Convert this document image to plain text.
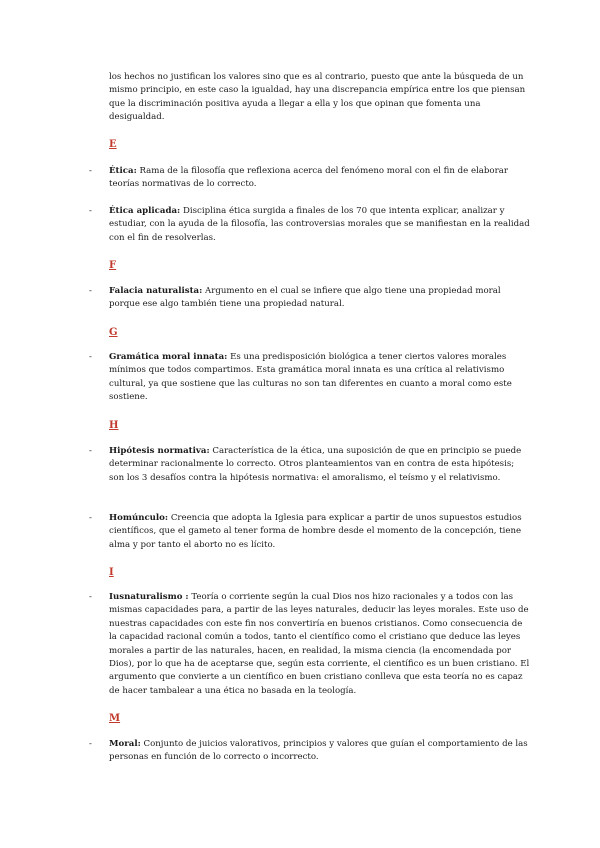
los hechos no justifican los valores sino que es al contrario, puesto que ante la búsqueda de un mismo principio, en este caso la igualdad, hay una discrepancia empírica entre los que piensan que la discriminación positiva ayuda a llegar a ella y los que opinan que fomenta una desigualdad.

E

-	Ética: Rama de la filosofía que reflexiona acerca del fenómeno moral con el fin de elaborar teorías normativas de lo correcto.

-	Ética aplicada: Disciplina ética surgida a finales de los 70 que intenta explicar, analizar y estudiar, con la ayuda de la filosofía, las controversias morales que se manifiestan en la realidad con el fin de resolverlas.

F

-	Falacia naturalista: Argumento en el cual se infiere que algo tiene una propiedad moral porque ese algo también tiene una propiedad natural.

G

-	Gramática moral innata: Es una predisposición biológica a tener ciertos valores morales mínimos que todos compartimos. Esta gramática moral innata es una crítica al relativismo cultural, ya que sostiene que las culturas no son tan diferentes en cuanto a moral como este sostiene.

H

-	Hipótesis normativa: Característica de la ética, una suposición de que en principio se puede determinar racionalmente lo correcto. Otros planteamientos van en contra de esta hipótesis; son los 3 desafíos contra la hipótesis normativa: el amoralismo, el teísmo y el relativismo.

-	Homúnculo: Creencia que adopta la Iglesia para explicar a partir de unos supuestos estudios científicos, que el gameto al tener forma de hombre desde el momento de la concepción, tiene alma y por tanto el aborto no es lícito.

I

-	Iusnaturalismo : Teoría o corriente según la cual Dios nos hizo racionales y a todos con las mismas capacidades para, a partir de las leyes naturales, deducir las leyes morales. Este uso de nuestras capacidades con este fin nos convertiría en buenos cristianos. Como consecuencia de la capacidad racional común a todos, tanto el científico como el cristiano que deduce las leyes morales a partir de las naturales, hacen, en realidad, la misma ciencia (la encomendada por Dios), por lo que ha de aceptarse que, según esta corriente, el científico es un buen cristiano. El argumento que convierte a un científico en buen cristiano conlleva que esta teoría no es capaz de hacer tambalear a una ética no basada en la teología.

M

-	Moral: Conjunto de juicios valorativos, principios y valores que guían el comportamiento de las personas en función de lo correcto o incorrecto.
